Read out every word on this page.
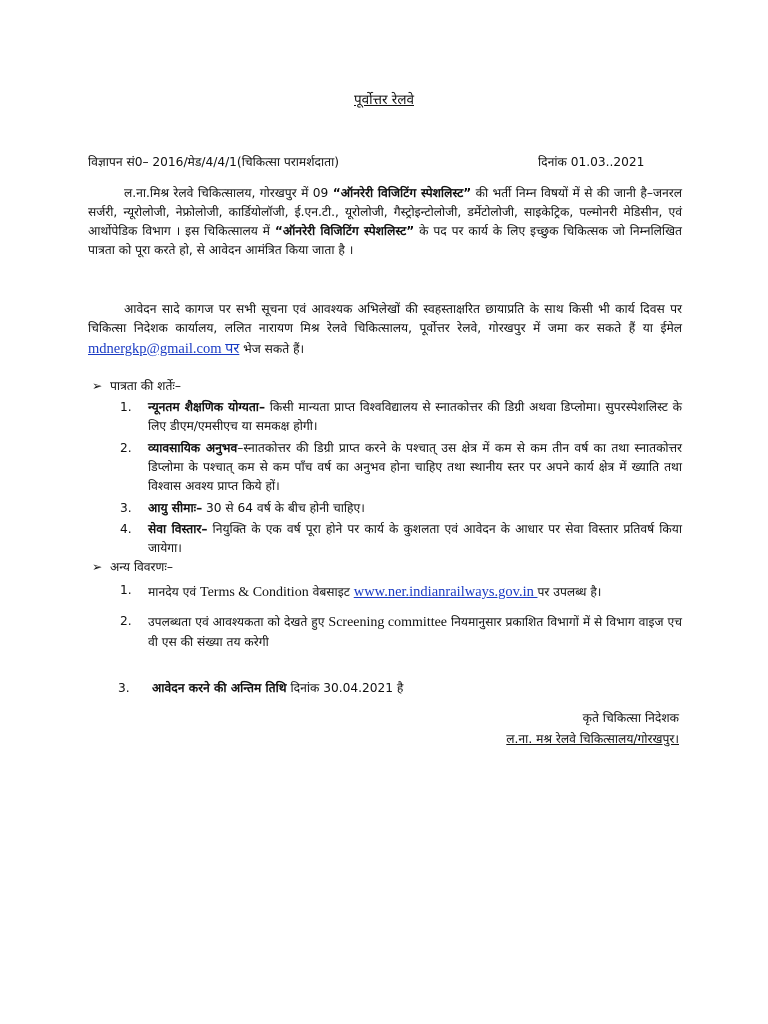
पूर्वोत्तर रेलवे
विज्ञापन सं0– 2016/मेड/4/4/1(चिकित्सा परामर्शदाता)	दिनांक 01.03..2021
ल.ना.मिश्र रेलवे चिकित्सालय, गोरखपुर में 09 “ऑनरेरी विजिटिंग स्पेशलिस्ट” की भर्ती निम्न विषयों में से की जानी है–जनरल सर्जरी, न्यूरोलोजी, नेफ्रोलोजी, कार्डियोलॉजी, ई.एन.टी., यूरोलोजी, गैस्ट्रोइन्टोलोजी, डर्मेटोलोजी, साइकेट्रिक, पल्मोनरी मेडिसीन, एवं आर्थोपेडिक विभाग । इस चिकित्सालय में “ऑनरेरी विजिटिंग स्पेशलिस्ट” के पद पर कार्य के लिए इच्छुक चिकित्सक जो निम्नलिखित पात्रता को पूरा करते हो, से आवेदन आमंत्रित किया जाता है ।
आवेदन सादे कागज पर सभी सूचना एवं आवश्यक अभिलेखों की स्वहस्ताक्षरित छायाप्रति के साथ किसी भी कार्य दिवस पर चिकित्सा निदेशक कार्यालय, ललित नारायण मिश्र रेलवे चिकित्सालय, पूर्वोत्तर रेलवे, गोरखपुर में जमा कर सकते हैं या ईमेल mdnergkp@gmail.com पर भेज सकते हैं।
➢ पात्रता की शर्तेः–
1. न्यूनतम शैक्षणिक योग्यता– किसी मान्यता प्राप्त विश्वविद्यालय से स्नातकोत्तर की डिग्री अथवा डिप्लोमा। सुपरस्पेशलिस्ट के लिए डीएम/एमसीएच या समकक्ष होगी।
2. व्यावसायिक अनुभव–स्नातकोत्तर की डिग्री प्राप्त करने के पश्चात् उस क्षेत्र में कम से कम तीन वर्ष का तथा स्नातकोत्तर डिप्लोमा के पश्चात् कम से कम पाँच वर्ष का अनुभव होना चाहिए तथा स्थानीय स्तर पर अपने कार्य क्षेत्र में ख्याति तथा विश्वास अवश्य प्राप्त किये हों।
3. आयु सीमाः– 30 से 64 वर्ष के बीच होनी चाहिए।
4. सेवा विस्तार– नियुक्ति के एक वर्ष पूरा होने पर कार्य के कुशलता एवं आवेदन के आधार पर सेवा विस्तार प्रतिवर्ष किया जायेगा।
➢ अन्य विवरणः–
1. मानदेय एवं Terms & Condition वेबसाइट www.ner.indianrailways.gov.in पर उपलब्ध है।
2. उपलब्धता एवं आवश्यकता को देखते हुए Screening committee नियमानुसार प्रकाशित विभागों में से विभाग वाइज एच वी एस की संख्या तय करेगी
3. आवेदन करने की अन्तिम तिथि दिनांक 30.04.2021 है
कृते चिकित्सा निदेशक
ल.ना. मश्र रेलवे चिकित्सालय/गोरखपुर।
